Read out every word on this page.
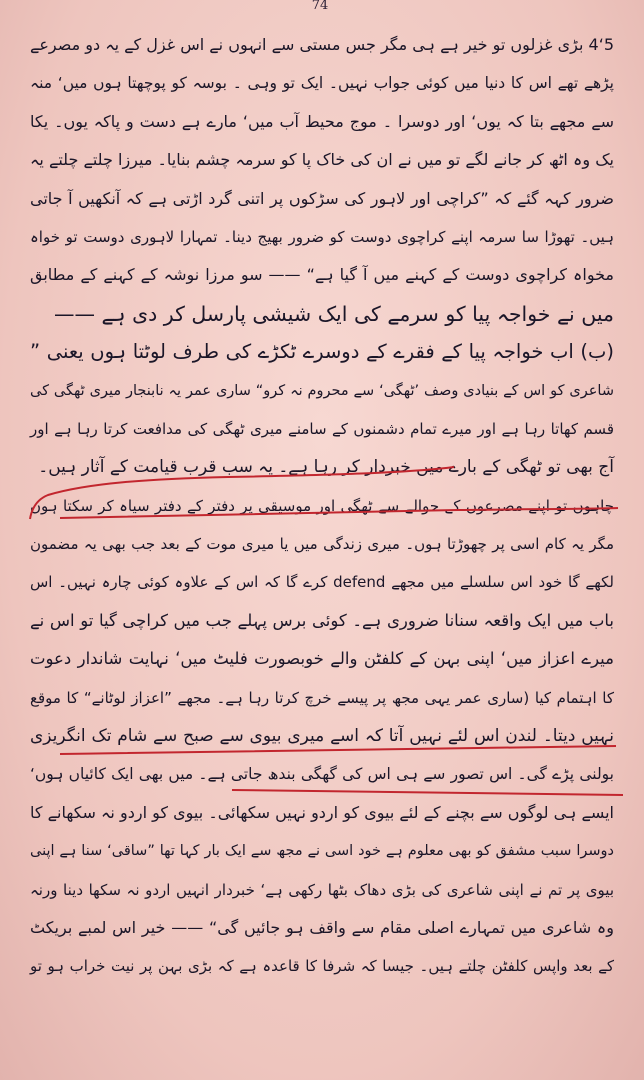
74
5‘4 بڑی غزلوں تو خیر ہے ہی مگر جس مستی سے انہوں نے اس غزل کے یہ دو مصرعے
پڑھے تھے اس کا دنیا میں کوئی جواب نہیں۔ ایک تو وہی ۔ بوسہ کو پوچھتا ہوں میں‘ منہ
سے مجھے بتا کہ یوں‘ اور دوسرا ۔ موج محیط آب میں‘ مارے ہے دست و پاکہ یوں۔ یکا
یک وہ اٹھ کر جانے لگے تو میں نے ان کی خاک پا کو سرمہ چشم بنایا۔ میرزا چلتے چلتے یہ
ضرور کہہ گئے کہ ”کراچی اور لاہور کی سڑکوں پر اتنی گرد اڑتی ہے کہ آنکھیں آ جاتی
ہیں۔ تھوڑا سا سرمہ اپنے کراچوی دوست کو ضرور بھیج دینا۔ تمہارا لاہوری دوست تو خواہ
مخواہ کراچوی دوست کے کہنے میں آ گیا ہے“ —— سو مرزا نوشہ کے کہنے کے مطابق
میں نے خواجہ پیا کو سرمے کی ایک شیشی پارسل کر دی ہے ——
(ب) اب خواجہ پیا کے فقرے کے دوسرے ٹکڑے کی طرف لوٹتا ہوں یعنی ”
شاعری کو اس کے بنیادی وصف ’ٹھگی‘ سے محروم نہ کرو“ ساری عمر یہ نابنجار میری ٹھگی کی
قسم کھاتا رہا ہے اور میرے تمام دشمنوں کے سامنے میری ٹھگی کی مدافعت کرتا رہا ہے اور
آج بھی تو ٹھگی کے بارے میں خبردار کر رہا ہے۔ یہ سب قرب قیامت کے آثار ہیں۔
چاہوں تو اپنے مصرعوں کے حوالے سے ٹھگی اور موسیقی پر دفتر کے دفتر سیاہ کر سکتا ہوں
مگر یہ کام اسی پر چھوڑتا ہوں۔ میری زندگی میں یا میری موت کے بعد جب بھی یہ مضمون
لکھے گا خود اس سلسلے میں مجھے defend کرے گا کہ اس کے علاوہ کوئی چارہ نہیں۔ اس
باب میں ایک واقعہ سنانا ضروری ہے۔ کوئی برس پہلے جب میں کراچی گیا تو اس نے
میرے اعزاز میں‘ اپنی بہن کے کلفٹن والے خوبصورت فلیٹ میں‘ نہایت شاندار دعوت
کا اہتمام کیا (ساری عمر یہی مجھ پر پیسے خرچ کرتا رہا ہے۔ مجھے ”اعزاز لوٹانے“ کا موقع
نہیں دیتا۔ لندن اس لئے نہیں آتا کہ اسے میری بیوی سے صبح سے شام تک انگریزی
بولنی پڑے گی۔ اس تصور سے ہی اس کی گھگی بندھ جاتی ہے۔ میں بھی ایک کائیاں ہوں‘
ایسے ہی لوگوں سے بچنے کے لئے بیوی کو اردو نہیں سکھائی۔ بیوی کو اردو نہ سکھانے کا
دوسرا سبب مشفق کو بھی معلوم ہے خود اسی نے مجھ سے ایک بار کہا تھا ”ساقی‘ سنا ہے اپنی
بیوی پر تم نے اپنی شاعری کی بڑی دھاک بٹھا رکھی ہے‘ خبردار انہیں اردو نہ سکھا دینا ورنہ
وہ شاعری میں تمہارے اصلی مقام سے واقف ہو جائیں گی“ —— خیر اس لمبے بریکٹ
کے بعد واپس کلفٹن چلتے ہیں۔ جیسا کہ شرفا کا قاعدہ ہے کہ بڑی بہن پر نیت خراب ہو تو
